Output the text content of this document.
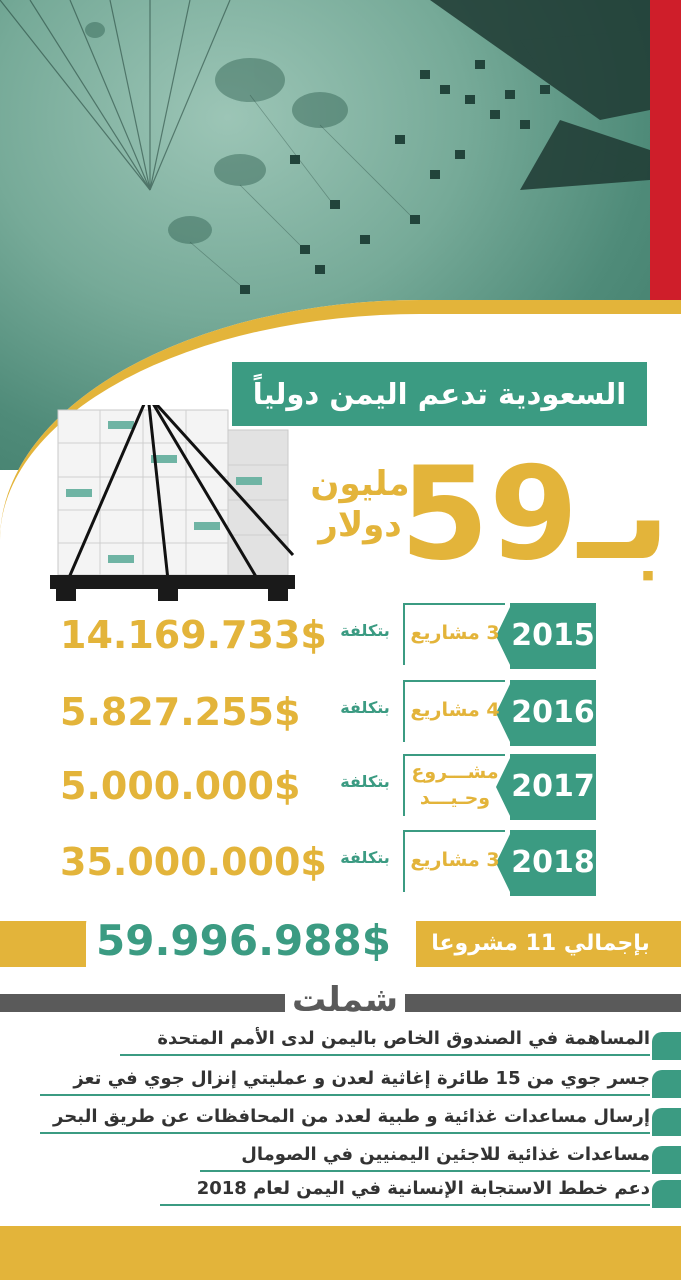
السعودية تدعم اليمن دولياً
59بـ
مليون
دولار
2015
3 مشاريع
بتكلفة
14.169.733$
2016
4 مشاريع
بتكلفة
5.827.255$
2017
مشـــروع
وحـيـــد
بتكلفة
5.000.000$
2018
3 مشاريع
بتكلفة
35.000.000$
59.996.988$	بإجمالي 11 مشروعا
شملت
المساهمة في الصندوق الخاص باليمن لدى الأمم المتحدة
جسر جوي من 15 طائرة إغاثية لعدن و عمليتي إنزال جوي في تعز
إرسال مساعدات غذائية و طبية لعدد من المحافظات عن طريق البحر
مساعدات غذائية للاجئين اليمنيين في الصومال
دعم خطط الاستجابة الإنسانية في اليمن لعام 2018
